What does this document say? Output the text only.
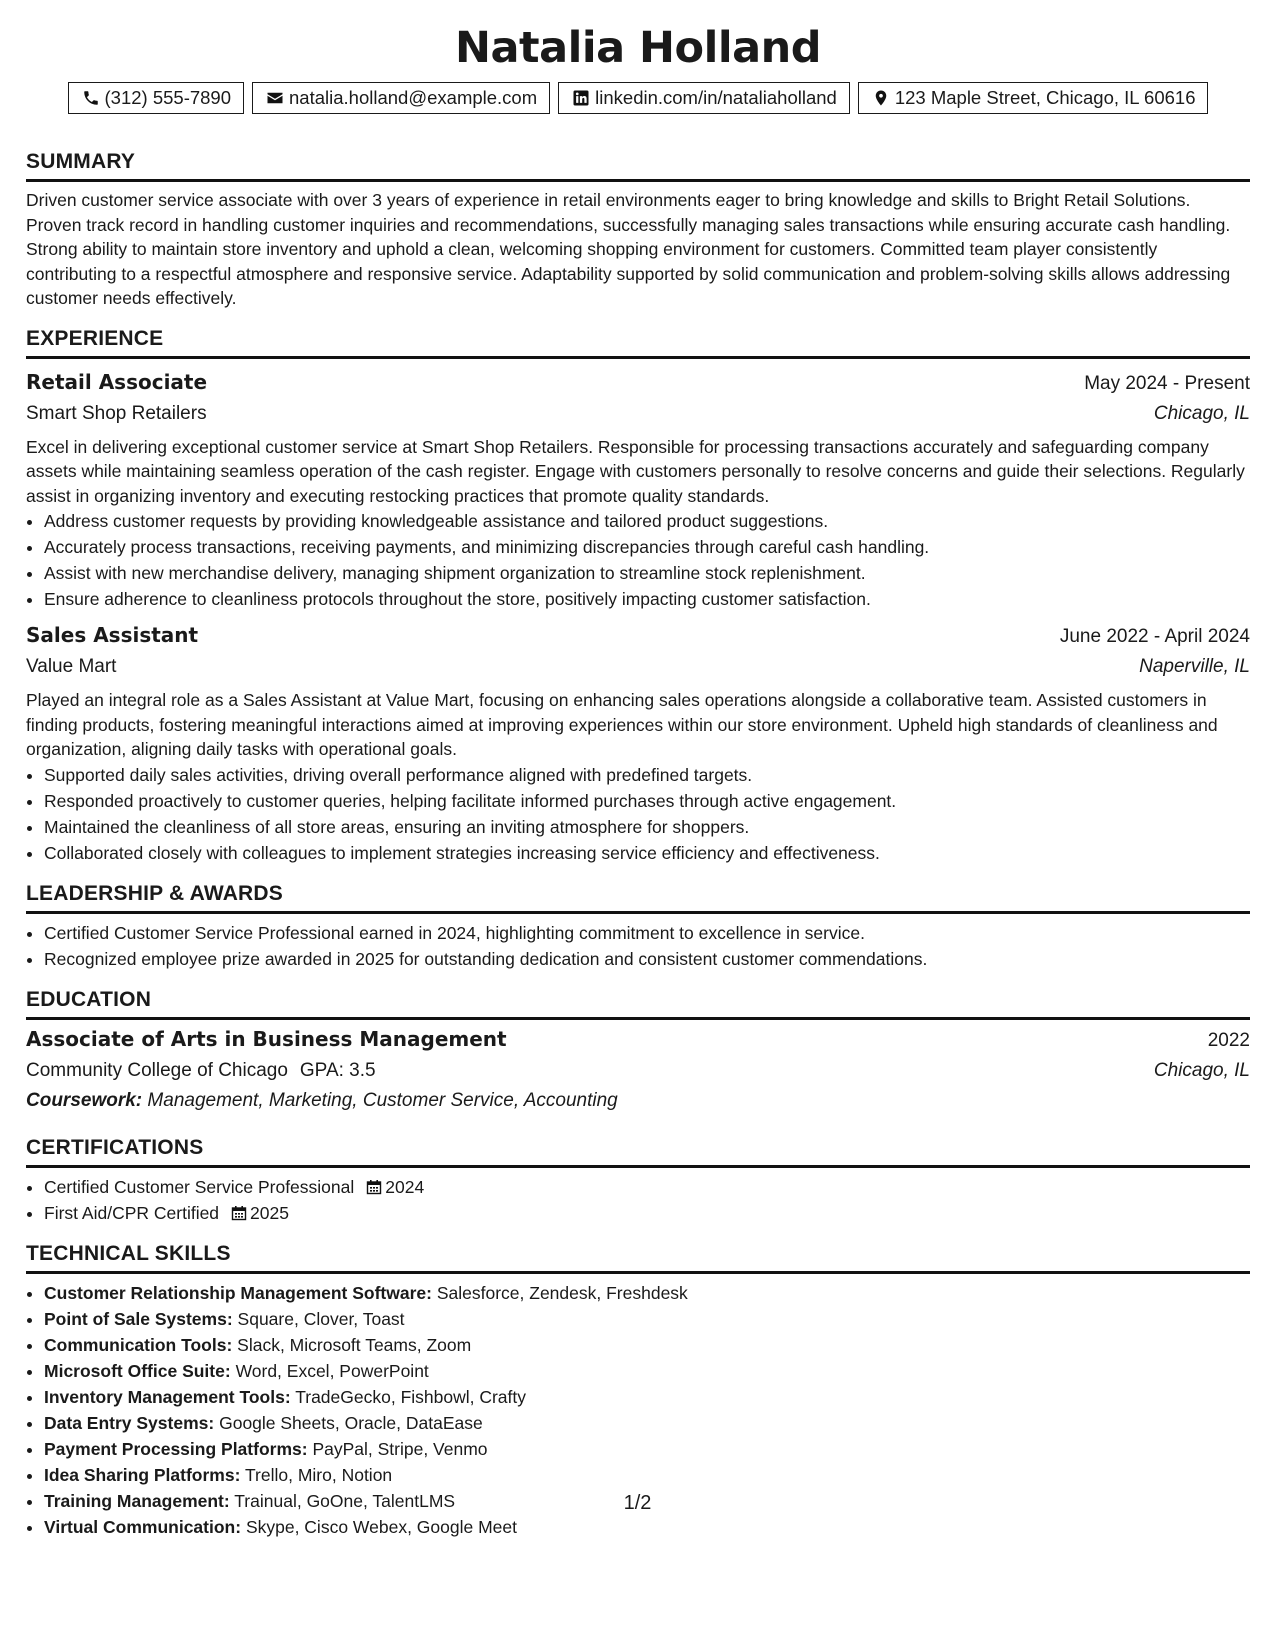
Natalia Holland
(312) 555-7890	natalia.holland@example.com	linkedin.com/in/nataliaholland	123 Maple Street, Chicago, IL 60616
SUMMARY

Driven customer service associate with over 3 years of experience in retail environments eager to bring knowledge and skills to Bright Retail Solutions. Proven track record in handling customer inquiries and recommendations, successfully managing sales transactions while ensuring accurate cash handling. Strong ability to maintain store inventory and uphold a clean, welcoming shopping environment for customers. Committed team player consistently contributing to a respectful atmosphere and responsive service. Adaptability supported by solid communication and problem-solving skills allows addressing customer needs effectively.

EXPERIENCE
Retail Associate	May 2024 - Present
Smart Shop Retailers	Chicago, IL

Excel in delivering exceptional customer service at Smart Shop Retailers. Responsible for processing transactions accurately and safeguarding company assets while maintaining seamless operation of the cash register. Engage with customers personally to resolve concerns and guide their selections. Regularly assist in organizing inventory and executing restocking practices that promote quality standards.

• Address customer requests by providing knowledgeable assistance and tailored product suggestions.
• Accurately process transactions, receiving payments, and minimizing discrepancies through careful cash handling.
• Assist with new merchandise delivery, managing shipment organization to streamline stock replenishment.
• Ensure adherence to cleanliness protocols throughout the store, positively impacting customer satisfaction.
Sales Assistant	June 2022 - April 2024
Value Mart	Naperville, IL

Played an integral role as a Sales Assistant at Value Mart, focusing on enhancing sales operations alongside a collaborative team. Assisted customers in finding products, fostering meaningful interactions aimed at improving experiences within our store environment. Upheld high standards of cleanliness and organization, aligning daily tasks with operational goals.

• Supported daily sales activities, driving overall performance aligned with predefined targets.
• Responded proactively to customer queries, helping facilitate informed purchases through active engagement.
• Maintained the cleanliness of all store areas, ensuring an inviting atmosphere for shoppers.
• Collaborated closely with colleagues to implement strategies increasing service efficiency and effectiveness.
LEADERSHIP & AWARDS
• Certified Customer Service Professional earned in 2024, highlighting commitment to excellence in service.
• Recognized employee prize awarded in 2025 for outstanding dedication and consistent customer commendations.
EDUCATION
Associate of Arts in Business Management	2022
Community College of Chicago GPA: 3.5	Chicago, IL
Coursework: Management, Marketing, Customer Service, Accounting
CERTIFICATIONS
• Certified Customer Service Professional 2024
• First Aid/CPR Certified 2025
TECHNICAL SKILLS
• Customer Relationship Management Software: Salesforce, Zendesk, Freshdesk
• Point of Sale Systems: Square, Clover, Toast
• Communication Tools: Slack, Microsoft Teams, Zoom
• Microsoft Office Suite: Word, Excel, PowerPoint
• Inventory Management Tools: TradeGecko, Fishbowl, Crafty
• Data Entry Systems: Google Sheets, Oracle, DataEase
• Payment Processing Platforms: PayPal, Stripe, Venmo
• Idea Sharing Platforms: Trello, Miro, Notion
• Training Management: Trainual, GoOne, TalentLMS
• Virtual Communication: Skype, Cisco Webex, Google Meet
1/2
